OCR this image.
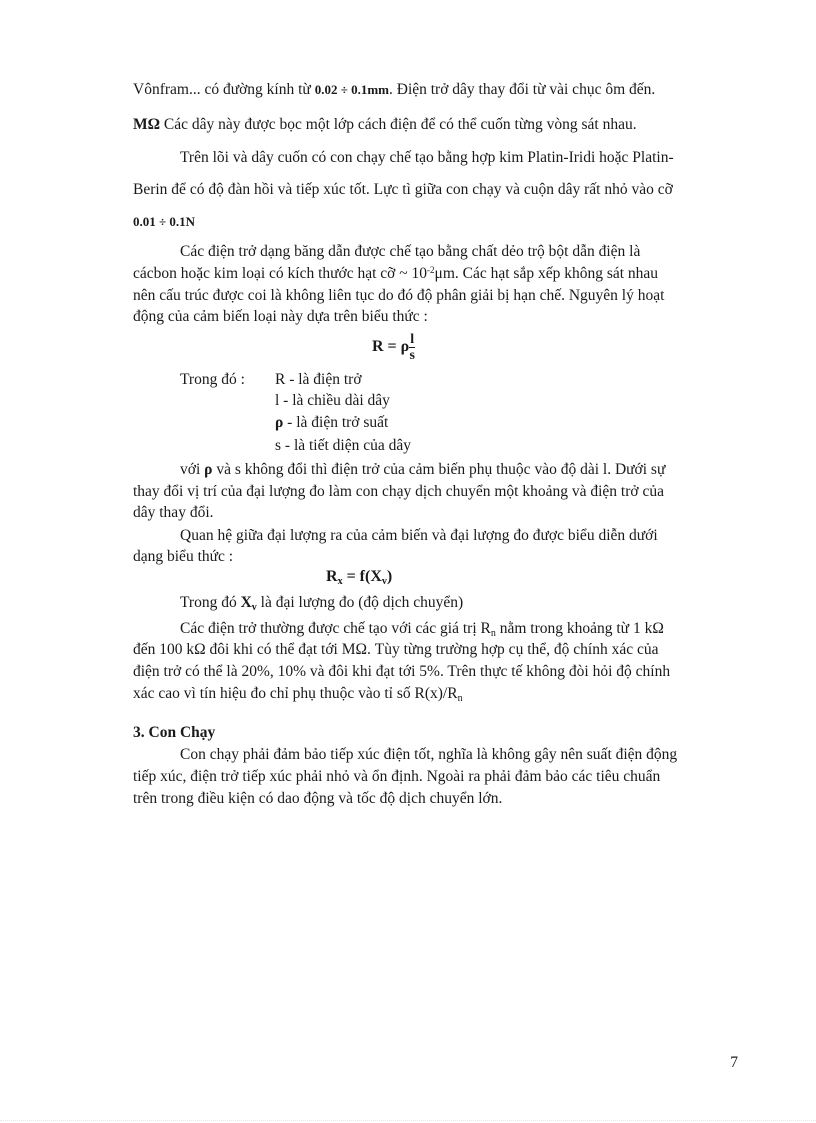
Vônfram... có đường kính từ 0.02 ÷ 0.1mm. Điện trở dây thay đổi từ vài chục ôm đến.
MΩ Các dây này được bọc một lớp cách điện để có thể cuốn từng vòng sát nhau.
Trên lõi và dây cuốn có con chạy chế tạo bằng hợp kim Platin-Iridi hoặc Platin-
Berin để có độ đàn hồi và tiếp xúc tốt. Lực tì giữa con chạy và cuộn dây rất nhỏ vào cỡ
0.01 ÷ 0.1N
Các điện trở dạng băng dẫn được chế tạo bằng chất dẻo trộ bột dẫn điện là
cácbon hoặc kim loại có kích thước hạt cỡ ~ $10^{-2}\mu m$. Các hạt sắp xếp không sát nhau
nên cấu trúc được coi là không liên tục do đó độ phân giải bị hạn chế. Nguyên lý hoạt
động của cảm biến loại này dựa trên biểu thức :
R = ρ $\frac{l}{s}$
Trong đó : R - là điện trở
l - là chiều dài dây
ρ - là điện trở suất
s - là tiết diện của dây
với ρ và s không đổi thì điện trở của cảm biến phụ thuộc vào độ dài l. Dưới sự
thay đổi vị trí của đại lượng đo làm con chạy dịch chuyển một khoảng và điện trở của
dây thay đổi.
Quan hệ giữa đại lượng ra của cảm biến và đại lượng đo được biểu diễn dưới
dạng biểu thức :
$R_x = f(X_v)$
Trong đó $X_v$ là đại lượng đo (độ dịch chuyển)
Các điện trở thường được chế tạo với các giá trị $R_n$ nằm trong khoảng từ 1 kΩ
đến 100 kΩ đôi khi có thể đạt tới MΩ. Tùy từng trường hợp cụ thể, độ chính xác của
điện trở có thể là 20%, 10% và đôi khi đạt tới 5%. Trên thực tế không đòi hỏi độ chính
xác cao vì tín hiệu đo chỉ phụ thuộc vào tỉ số $R(x)/R_n$
3. Con Chạy
Con chạy phải đảm bảo tiếp xúc điện tốt, nghĩa là không gây nên suất điện động
tiếp xúc, điện trở tiếp xúc phải nhỏ và ổn định. Ngoài ra phải đảm bảo các tiêu chuẩn
trên trong điều kiện có dao động và tốc độ dịch chuyển lớn.
7
